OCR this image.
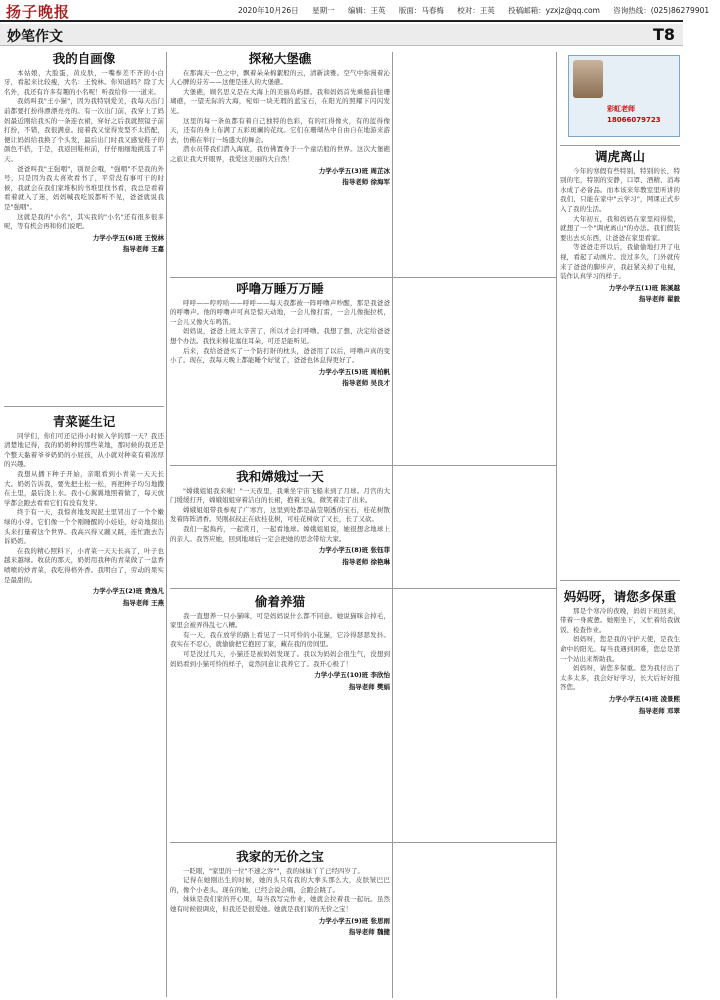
扬子晚报	2020年10月26日 星期一 编辑：王英 版面：马春梅 校对：王英 投稿邮箱：yzxjz@qq.com 咨询热线：(025)86279901
妙笔作文	T8
彩虹老师
18066079723
我的自画像

本姑娘，大脸蛋，黄皮肤，一嘴参差不齐的小白牙，看起来比较瘦，大名：王悦林。你知道吗？除了大名外，我还有许多有趣的小名呢！听我给你一一道来。

我妈叫我"王小猫"，因为我特别爱美，我每天出门前都要打扮得漂漂亮亮的。有一次出门前，我穿上了妈妈最近刚给我买的一条连衣裙，穿好之后我就照镜子前打扮，不错，我很满意。接着我又觉得发型不太搭配，便让妈妈给我换了个头发，最后出门时我又感觉鞋子的颜色不搭，于是，我返回鞋柜前，仔仔细细地挑选了半天。

爸爸叫我"王强咽"，别误会哦，"强咽"不是我的外号，只是因为我太喜欢看书了，平常没有事可干的时候，我就会在我们家堆积的书堆里找书看，我总是看着看着就入了迷，妈妈喊我吃饭都听不见，爸爸就说我是"强咽"。

这就是我的"小名"，其实我的"小名"还有很多很多呢，等有机会再和你们说吧。

力学小学五(6)班 王悦林

指导老师 王嘉

青菜诞生记

同学们，你们可还记得小时候入学的那一天？我还清楚地记得，我的奶奶种的那些菜地，那时候的我还是个整天黏着爷爷奶奶的小屁孩，从小就对种菜有着浓厚的兴趣。

我想从播下种子开始，亲眼看到小青菜一天天长大。奶奶告诉我，要先把土松一松，再把种子均匀地撒在土里，最后浇上水。我小心翼翼地照着做了，每天放学都会跑去看看它们有没有发芽。

终于有一天，我惊喜地发现泥土里冒出了一个个嫩绿的小芽。它们像一个个刚睡醒的小娃娃，好奇地探出头来打量着这个世界。我高兴得又蹦又跳，连忙跑去告诉奶奶。

在我的精心照料下，小青菜一天天长高了，叶子也越来越绿。收获的那天，奶奶用我种的青菜做了一盘香喷喷的炒青菜，我吃得格外香。我明白了，劳动的果实是最甜的。

力学小学五(2)班 费逸凡

指导老师 王燕

探秘大堡礁

在那海天一色之中，飘着朵朵棉絮般的云，清新淡雅。空气中弥漫着沁人心脾的芬芳——这便是迷人的大堡礁。

大堡礁，顾名思义是在大海上的美丽岛屿群。我和妈妈首先乘船前往珊瑚礁，一望无际的大海，宛如一块无瑕的蓝宝石，在阳光的照耀下闪闪发光。

这里的每一条鱼都有着自己独特的色彩，有的红得像火，有的蓝得像天，还有的身上布满了五彩斑斓的花纹。它们在珊瑚丛中自由自在地游来游去，仿佛在举行一场盛大的舞会。

潜水员带我们潜入海底，我仿佛置身于一个童话般的世界。这次大堡礁之旅让我大开眼界，我爱这美丽的大自然！

力学小学五(3)班 周芷冰

指导老师 徐海军

呼噜万睡万万睡

呼呼——哼哼哈——呼呼——每天我都被一阵呼噜声吵醒，那是我爸爸的呼噜声。他的呼噜声可真是惊天动地，一会儿像打雷，一会儿像拖拉机，一会儿又像火车鸣笛。

妈妈说，爸爸上班太辛苦了，所以才会打呼噜。我想了想，决定给爸爸想个办法。我找来棉花塞住耳朵，可还是能听见。

后来，我给爸爸买了一个防打鼾的枕头，爸爸用了以后，呼噜声真的变小了。现在，我每天晚上都能睡个好觉了，爸爸也休息得更好了。

力学小学五(5)班 周柏帆

指导老师 吴良才

我和嫦娥过一天

"嫦娥姐姐我来啦！"一天夜里，我乘坐宇宙飞船来到了月球。月宫的大门缓缓打开，嫦娥姐姐穿着洁白的长裙，抱着玉兔，微笑着走了出来。

嫦娥姐姐带我参观了广寒宫，这里到处都是晶莹剔透的宝石，桂花树散发着阵阵清香。吴刚叔叔正在砍桂花树，可桂花树砍了又长，长了又砍。

我们一起捣药，一起赏月，一起看地球。嫦娥姐姐说，她很想念地球上的亲人。我答应她，回到地球后一定会把她的思念带给大家。

力学小学五(8)班 张钰菲

指导老师 徐艳琳

偷着养猫

我一直想养一只小猫咪，可是妈妈说什么都不同意。她说猫咪会掉毛，家里会被弄得乱七八糟。

有一天，我在放学的路上看见了一只可怜的小花猫，它冷得瑟瑟发抖。我实在不忍心，就偷偷把它抱回了家，藏在我的房间里。

可是没过几天，小猫还是被妈妈发现了。我以为妈妈会很生气，没想到妈妈看到小猫可怜的样子，竟然同意让我养它了。我开心极了！

力学小学五(10)班 李欣怡

指导老师 樊娟

我家的无价之宝

一眨眼，"家里的一位"不速之客""，我的妹妹丫丫已经四岁了。

记得在她刚出生的时候，她的头只有我的大拳头那么大，皮肤皱巴巴的，像个小老头。现在的她，已经会说会唱，会跑会跳了。

妹妹是我们家的开心果，每当我写完作业，她就会拉着我一起玩。虽然她有时候很调皮，但我还是很爱她。她就是我们家的无价之宝！

力学小学五(9)班 张思雨

指导老师 魏健

调虎离山

今年的寒假有些特别，特别的长，特别的宅，特别的安静，口罩、酒精、消毒水成了必备品。而本该来年教室里听讲的我们，只能在家中"云学习"，网课正式步入了我的生活。

大年初五，我和妈妈在家里闷得慌，就想了一个"调虎离山"的办法。我们假装要出去买东西，让爸爸在家里看家。

等爸爸走开以后，我偷偷地打开了电视，看起了动画片。没过多久，门外就传来了爸爸的脚步声，我赶紧关掉了电视，装作认真学习的样子。

力学小学五(1)班 陈溪越

指导老师 翟毅

妈妈呀，请您多保重

那是个寒冷的夜晚，妈妈下班回来，带着一身疲惫。她刚坐下，又忙着给我做饭、检查作业。

妈妈呀，您是我的守护天使，是我生命中的阳光。每当我遇到困难，您总是第一个站出来帮助我。

妈妈呀，请您多保重。您为我付出了太多太多，我会好好学习，长大后好好报答您。

力学小学五(4)班 凌景熙

指导老师 邓翠
